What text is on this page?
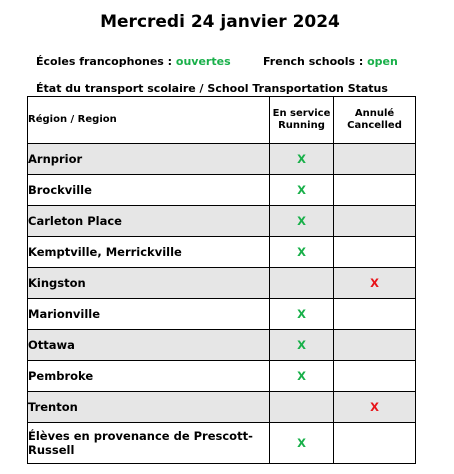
Mercredi 24 janvier 2024
Écoles francophones : ouvertes	French schools : open
État du transport scolaire / School Transportation Status
Région / Region	En service Running	Annulé Cancelled
Arnprior	X	
Brockville	X	
Carleton Place	X	
Kemptville, Merrickville	X	
Kingston		X
Marionville	X	
Ottawa	X	
Pembroke	X	
Trenton		X
Élèves en provenance de Prescott-Russell	X	
